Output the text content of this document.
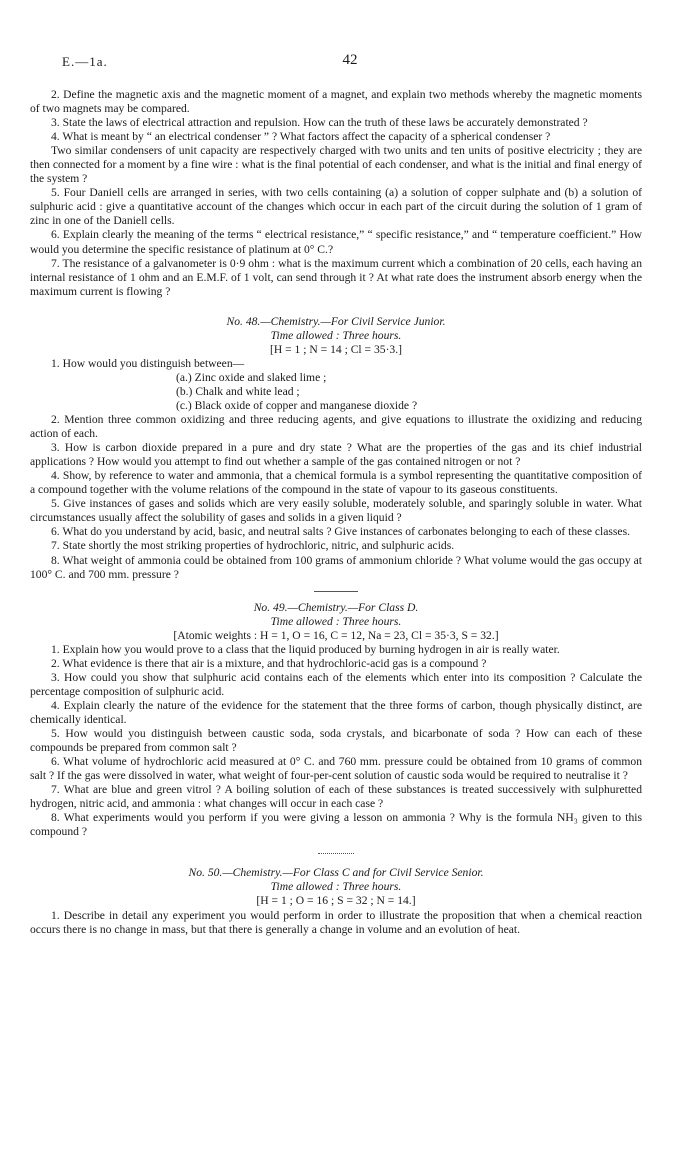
E.—1a.	42

2. Define the magnetic axis and the magnetic moment of a magnet, and explain two methods whereby the magnetic moments of two magnets may be compared.

3. State the laws of electrical attraction and repulsion. How can the truth of these laws be accurately demonstrated ?

4. What is meant by “ an electrical condenser ” ? What factors affect the capacity of a spherical condenser ?

Two similar condensers of unit capacity are respectively charged with two units and ten units of positive electricity ; they are then connected for a moment by a fine wire : what is the final potential of each condenser, and what is the initial and final energy of the system ?

5. Four Daniell cells are arranged in series, with two cells containing (a) a solution of copper sulphate and (b) a solution of sulphuric acid : give a quantitative account of the changes which occur in each part of the circuit during the solution of 1 gram of zinc in one of the Daniell cells.

6. Explain clearly the meaning of the terms “ electrical resistance,” “ specific resistance,” and “ temperature coefficient.” How would you determine the specific resistance of platinum at 0° C.?

7. The resistance of a galvanometer is 0·9 ohm : what is the maximum current which a combination of 20 cells, each having an internal resistance of 1 ohm and an E.M.F. of 1 volt, can send through it ? At what rate does the instrument absorb energy when the maximum current is flowing ?

No. 48.—Chemistry.—For Civil Service Junior.

Time allowed : Three hours.

[H = 1 ; N = 14 ; Cl = 35·3.]

1. How would you distinguish between—

(a.) Zinc oxide and slaked lime ;

(b.) Chalk and white lead ;

(c.) Black oxide of copper and manganese dioxide ?

2. Mention three common oxidizing and three reducing agents, and give equations to illustrate the oxidizing and reducing action of each.

3. How is carbon dioxide prepared in a pure and dry state ? What are the properties of the gas and its chief industrial applications ? How would you attempt to find out whether a sample of the gas contained nitrogen or not ?

4. Show, by reference to water and ammonia, that a chemical formula is a symbol representing the quantitative composition of a compound together with the volume relations of the compound in the state of vapour to its gaseous constituents.

5. Give instances of gases and solids which are very easily soluble, moderately soluble, and sparingly soluble in water. What circumstances usually affect the solubility of gases and solids in a given liquid ?

6. What do you understand by acid, basic, and neutral salts ? Give instances of carbonates belonging to each of these classes.

7. State shortly the most striking properties of hydrochloric, nitric, and sulphuric acids.

8. What weight of ammonia could be obtained from 100 grams of ammonium chloride ? What volume would the gas occupy at 100° C. and 700 mm. pressure ?

No. 49.—Chemistry.—For Class D.

Time allowed : Three hours.

[Atomic weights : H = 1, O = 16, C = 12, Na = 23, Cl = 35·3, S = 32.]

1. Explain how you would prove to a class that the liquid produced by burning hydrogen in air is really water.

2. What evidence is there that air is a mixture, and that hydrochloric-acid gas is a compound ?

3. How could you show that sulphuric acid contains each of the elements which enter into its composition ? Calculate the percentage composition of sulphuric acid.

4. Explain clearly the nature of the evidence for the statement that the three forms of carbon, though physically distinct, are chemically identical.

5. How would you distinguish between caustic soda, soda crystals, and bicarbonate of soda ? How can each of these compounds be prepared from common salt ?

6. What volume of hydrochloric acid measured at 0° C. and 760 mm. pressure could be obtained from 10 grams of common salt ? If the gas were dissolved in water, what weight of four-per-cent solution of caustic soda would be required to neutralise it ?

7. What are blue and green vitrol ? A boiling solution of each of these substances is treated successively with sulphuretted hydrogen, nitric acid, and ammonia : what changes will occur in each case ?

8. What experiments would you perform if you were giving a lesson on ammonia ? Why is the formula NH₃ given to this compound ?

No. 50.—Chemistry.—For Class C and for Civil Service Senior.

Time allowed : Three hours.

[H = 1 ; O = 16 ; S = 32 ; N = 14.]

1. Describe in detail any experiment you would perform in order to illustrate the proposition that when a chemical reaction occurs there is no change in mass, but that there is generally a change in volume and an evolution of heat.
